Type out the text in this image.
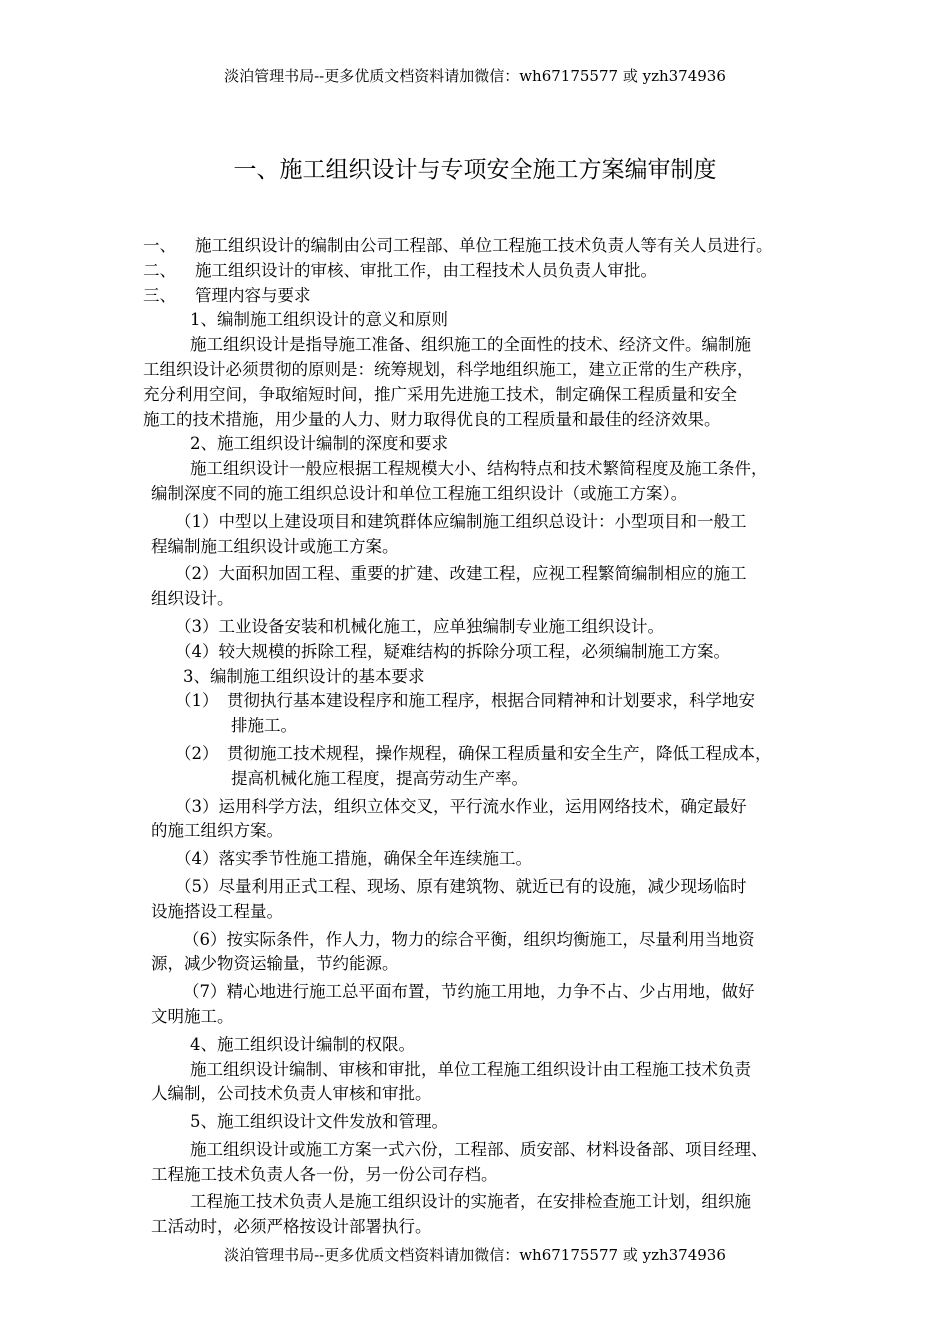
淡泊管理书局--更多优质文档资料请加微信：wh67175577 或 yzh374936
一、施工组织设计与专项安全施工方案编审制度
一、	施工组织设计的编制由公司工程部、单位工程施工技术负责人等有关人员进行。
二、	施工组织设计的审核、审批工作，由工程技术人员负责人审批。
三、	管理内容与要求
1、编制施工组织设计的意义和原则
施工组织设计是指导施工准备、组织施工的全面性的技术、经济文件。编制施
工组织设计必须贯彻的原则是：统筹规划，科学地组织施工，建立正常的生产秩序，
充分利用空间，争取缩短时间，推广采用先进施工技术，制定确保工程质量和安全
施工的技术措施，用少量的人力、财力取得优良的工程质量和最佳的经济效果。
2、施工组织设计编制的深度和要求
施工组织设计一般应根据工程规模大小、结构特点和技术繁简程度及施工条件，
编制深度不同的施工组织总设计和单位工程施工组织设计（或施工方案）。
（1）中型以上建设项目和建筑群体应编制施工组织总设计：小型项目和一般工
程编制施工组织设计或施工方案。
（2）大面积加固工程、重要的扩建、改建工程，应视工程繁简编制相应的施工
组织设计。
（3）工业设备安装和机械化施工，应单独编制专业施工组织设计。
（4）较大规模的拆除工程，疑难结构的拆除分项工程，必须编制施工方案。
3、编制施工组织设计的基本要求
（1） 贯彻执行基本建设程序和施工程序，根据合同精神和计划要求，科学地安
排施工。
（2） 贯彻施工技术规程，操作规程，确保工程质量和安全生产，降低工程成本，
提高机械化施工程度，提高劳动生产率。
（3）运用科学方法，组织立体交叉，平行流水作业，运用网络技术，确定最好
的施工组织方案。
（4）落实季节性施工措施，确保全年连续施工。
（5）尽量利用正式工程、现场、原有建筑物、就近已有的设施，减少现场临时
设施搭设工程量。
（6）按实际条件，作人力，物力的综合平衡，组织均衡施工，尽量利用当地资
源，减少物资运输量，节约能源。
（7）精心地进行施工总平面布置，节约施工用地，力争不占、少占用地，做好
文明施工。
4、施工组织设计编制的权限。
施工组织设计编制、审核和审批，单位工程施工组织设计由工程施工技术负责
人编制，公司技术负责人审核和审批。
5、施工组织设计文件发放和管理。
施工组织设计或施工方案一式六份，工程部、质安部、材料设备部、项目经理、
工程施工技术负责人各一份，另一份公司存档。
工程施工技术负责人是施工组织设计的实施者，在安排检查施工计划，组织施
工活动时，必须严格按设计部署执行。
淡泊管理书局--更多优质文档资料请加微信：wh67175577 或 yzh374936
